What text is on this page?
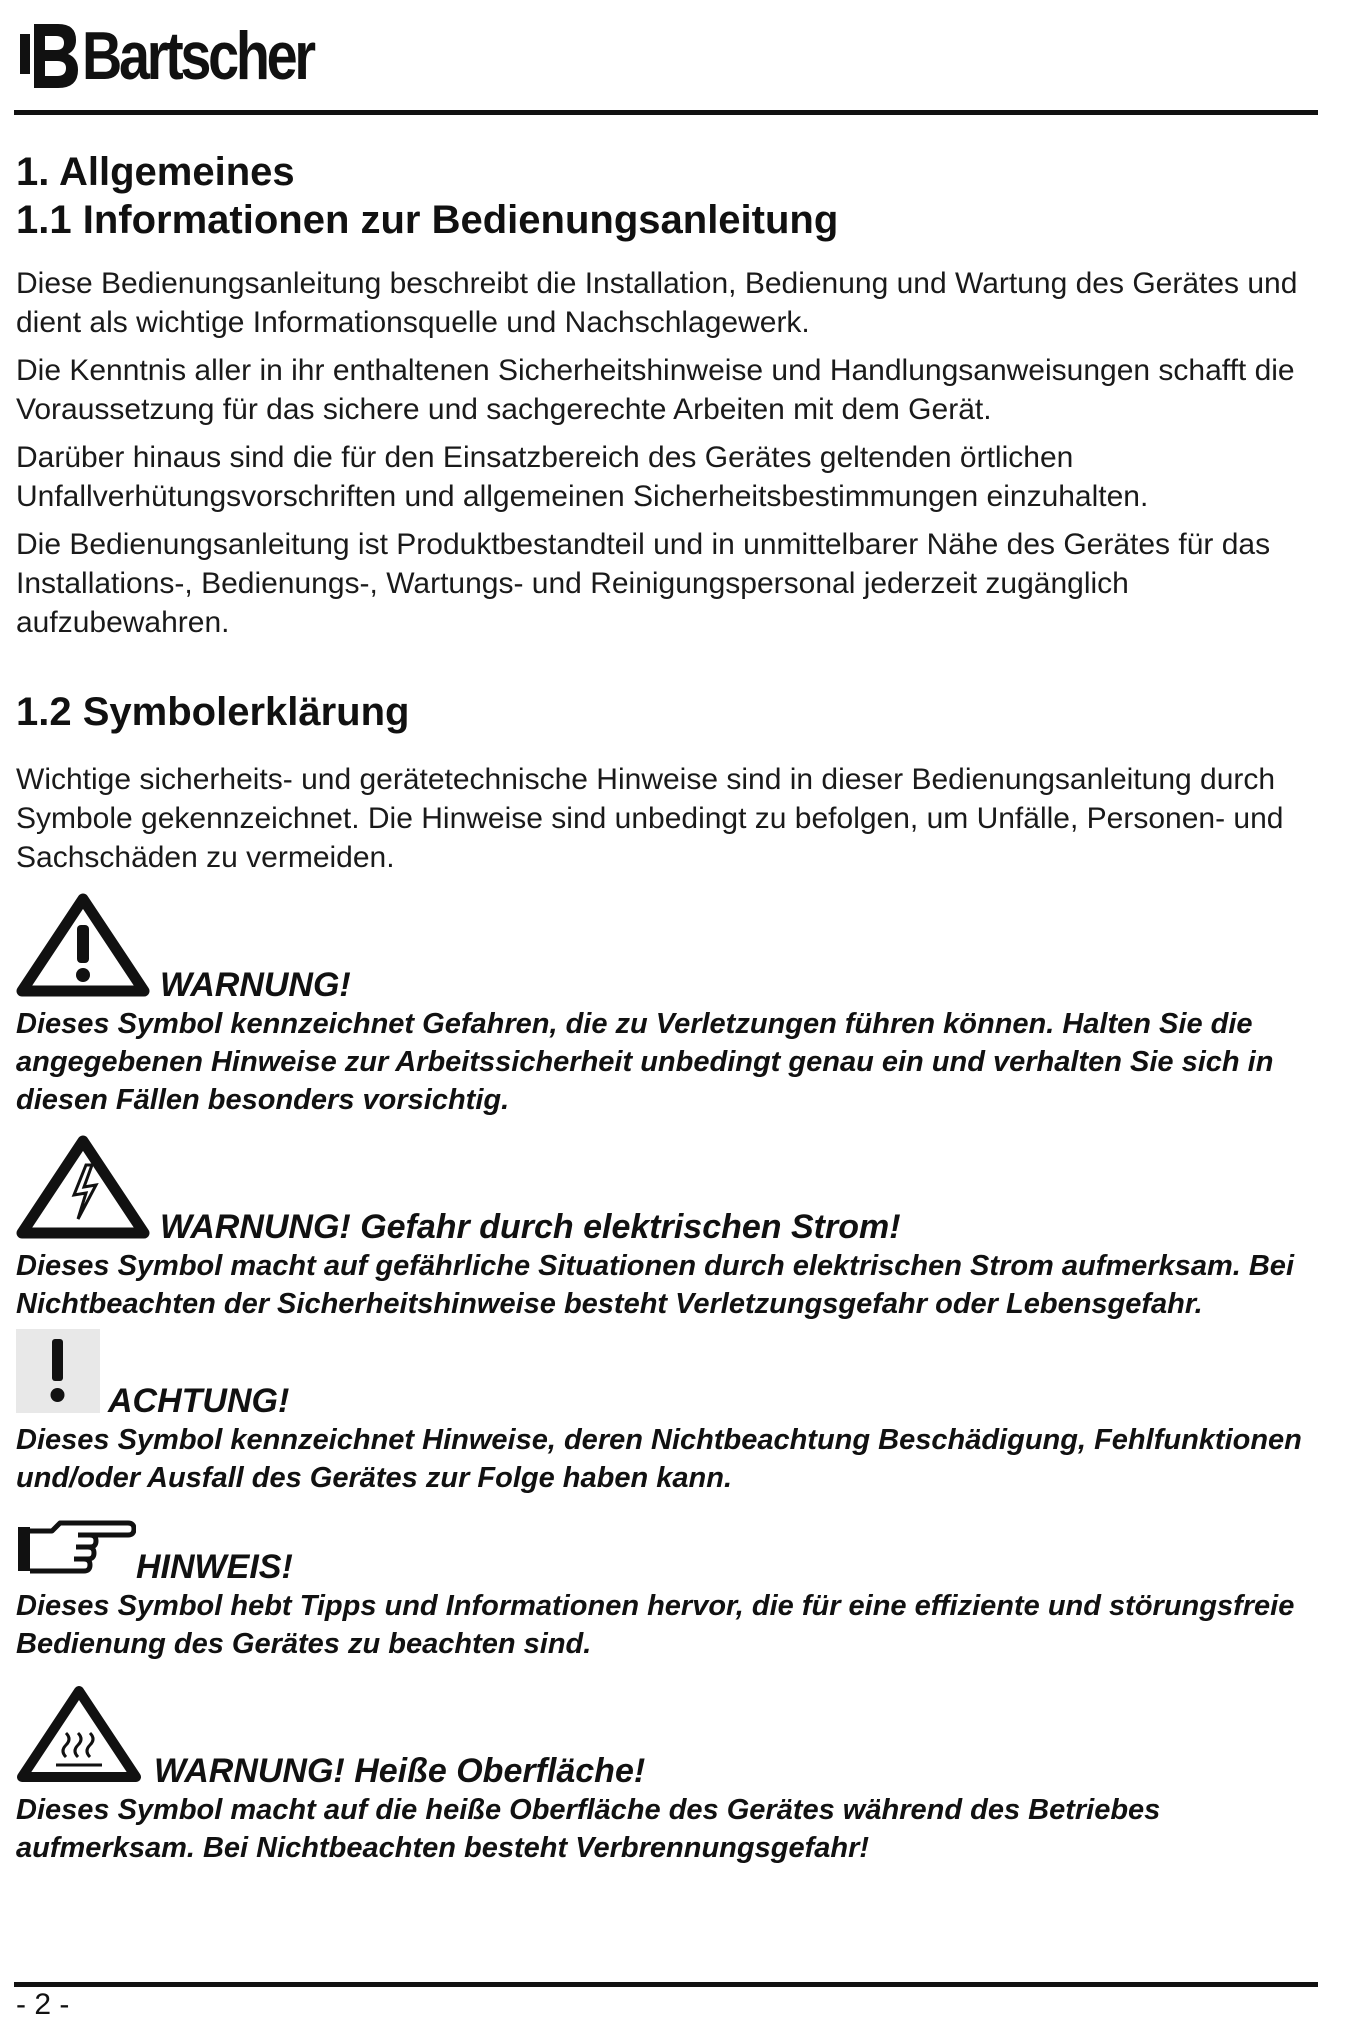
Bartscher
1. Allgemeines
1.1 Informationen zur Bedienungsanleitung

Diese Bedienungsanleitung beschreibt die Installation, Bedienung und Wartung des Gerätes und dient als wichtige Informationsquelle und Nachschlagewerk.

Die Kenntnis aller in ihr enthaltenen Sicherheitshinweise und Handlungsanweisungen schafft die Voraussetzung für das sichere und sachgerechte Arbeiten mit dem Gerät.

Darüber hinaus sind die für den Einsatzbereich des Gerätes geltenden örtlichen Unfallverhütungsvorschriften und allgemeinen Sicherheitsbestimmungen einzuhalten.

Die Bedienungsanleitung ist Produktbestandteil und in unmittelbarer Nähe des Gerätes für das Installations-, Bedienungs-, Wartungs- und Reinigungspersonal jederzeit zugänglich aufzubewahren.

1.2 Symbolerklärung

Wichtige sicherheits- und gerätetechnische Hinweise sind in dieser Bedienungsanleitung durch Symbole gekennzeichnet. Die Hinweise sind unbedingt zu befolgen, um Unfälle, Personen- und Sachschäden zu vermeiden.

WARNUNG!

Dieses Symbol kennzeichnet Gefahren, die zu Verletzungen führen können. Halten Sie die angegebenen Hinweise zur Arbeitssicherheit unbedingt genau ein und verhalten Sie sich in diesen Fällen besonders vorsichtig.

WARNUNG! Gefahr durch elektrischen Strom!

Dieses Symbol macht auf gefährliche Situationen durch elektrischen Strom aufmerksam. Bei Nichtbeachten der Sicherheitshinweise besteht Verletzungsgefahr oder Lebensgefahr.

ACHTUNG!

Dieses Symbol kennzeichnet Hinweise, deren Nichtbeachtung Beschädigung, Fehlfunktionen und/oder Ausfall des Gerätes zur Folge haben kann.

HINWEIS!

Dieses Symbol hebt Tipps und Informationen hervor, die für eine effiziente und störungsfreie Bedienung des Gerätes zu beachten sind.

WARNUNG! Heiße Oberfläche!

Dieses Symbol macht auf die heiße Oberfläche des Gerätes während des Betriebes aufmerksam. Bei Nichtbeachten besteht Verbrennungsgefahr!

- 2 -
